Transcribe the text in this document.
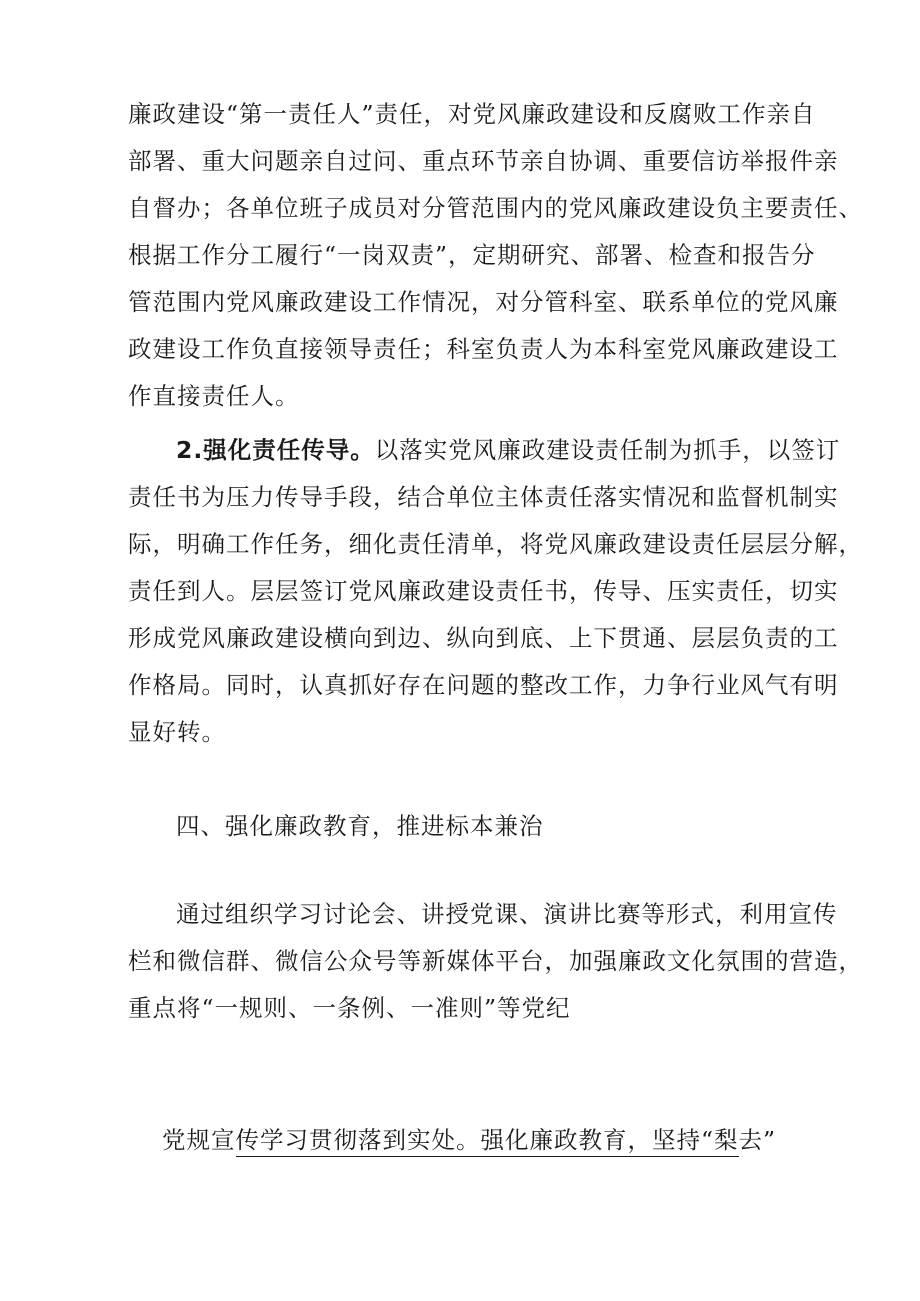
廉政建设“第一责任人”责任，对党风廉政建设和反腐败工作亲自
部署、重大问题亲自过问、重点环节亲自协调、重要信访举报件亲
自督办；各单位班子成员对分管范围内的党风廉政建设负主要责任、
根据工作分工履行“一岗双责”，定期研究、部署、检查和报告分
管范围内党风廉政建设工作情况，对分管科室、联系单位的党风廉
政建设工作负直接领导责任；科室负责人为本科室党风廉政建设工
作直接责任人。
2.强化责任传导。以落实党风廉政建设责任制为抓手，以签订
责任书为压力传导手段，结合单位主体责任落实情况和监督机制实
际，明确工作任务，细化责任清单，将党风廉政建设责任层层分解，
责任到人。层层签订党风廉政建设责任书，传导、压实责任，切实
形成党风廉政建设横向到边、纵向到底、上下贯通、层层负责的工
作格局。同时，认真抓好存在问题的整改工作，力争行业风气有明
显好转。
四、强化廉政教育，推进标本兼治
通过组织学习讨论会、讲授党课、演讲比赛等形式，利用宣传
栏和微信群、微信公众号等新媒体平台，加强廉政文化氛围的营造，
重点将“一规则、一条例、一准则”等党纪
党规宣传学习贯彻落到实处。强化廉政教育，坚持“梨去”
